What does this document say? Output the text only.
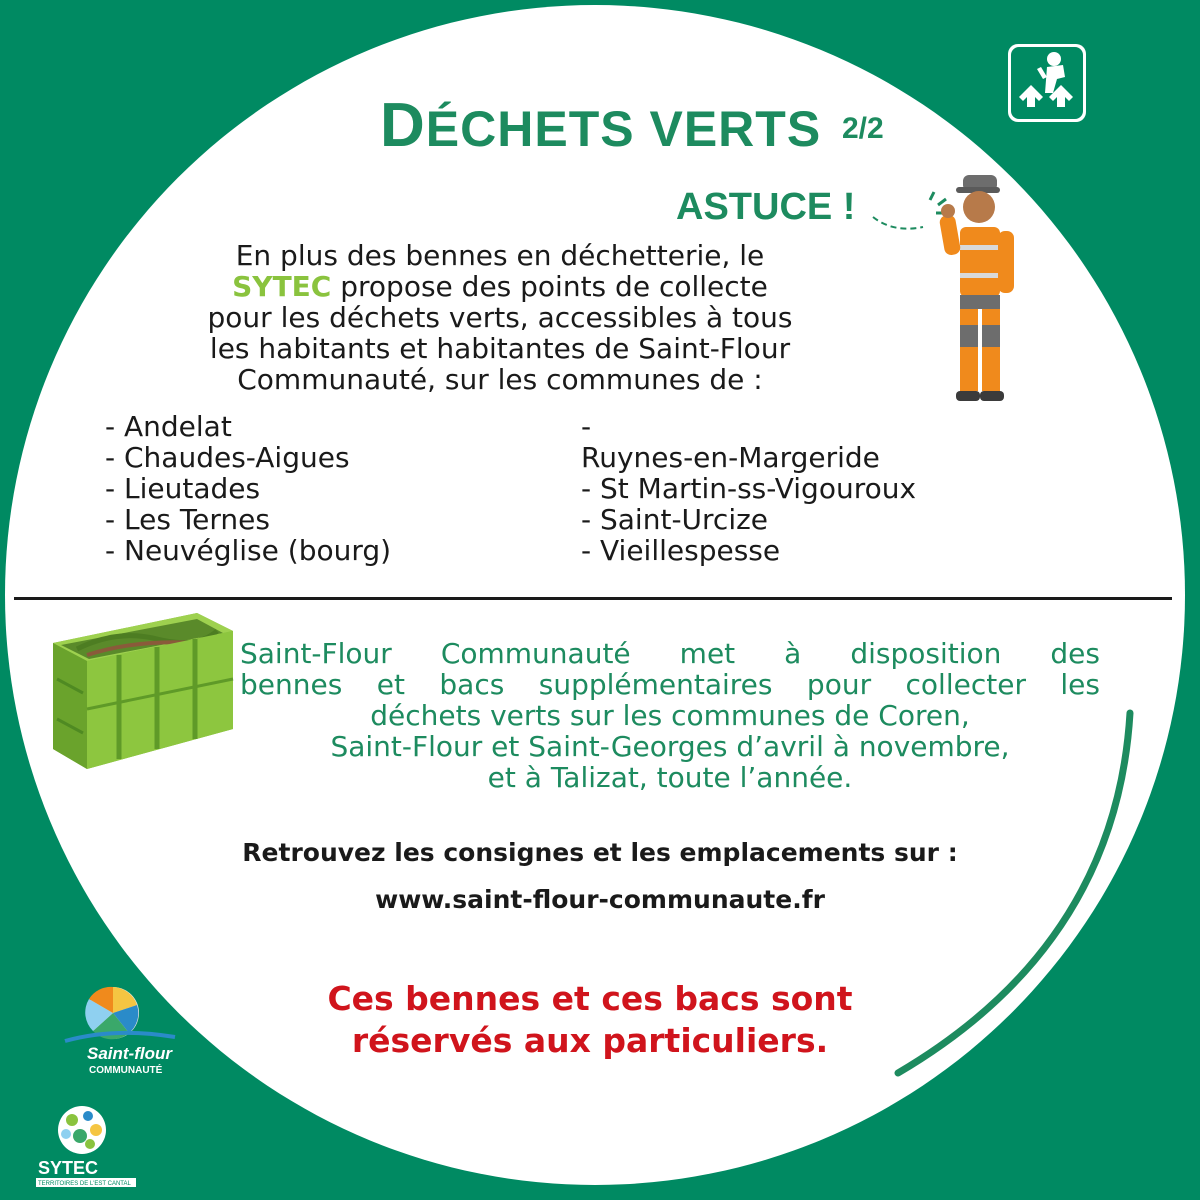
DÉCHETS VERTS 2/2
ASTUCE !
En plus des bennes en déchetterie, le
SYTEC propose des points de collecte
pour les déchets verts, accessibles à tous
les habitants et habitantes de Saint-Flour
Communauté, sur les communes de :
- Andelat
- Chaudes-Aigues
- Lieutades
- Les Ternes
- Neuvéglise (bourg)
-
Ruynes-en-Margeride
- St Martin-ss-Vigouroux
- Saint-Urcize
- Vieillespesse
Saint-Flour Communauté met à disposition des
bennes et bacs supplémentaires pour collecter les
déchets verts sur les communes de Coren,
Saint-Flour et Saint-Georges d’avril à novembre,
et à Talizat, toute l’année.
Retrouvez les consignes et les emplacements sur :
www.saint-flour-communaute.fr
Ces bennes et ces bacs sont
réservés aux particuliers.
Saint-flour
COMMUNAUTÉ
SYTEC
TERRITOIRES DE L'EST CANTAL
